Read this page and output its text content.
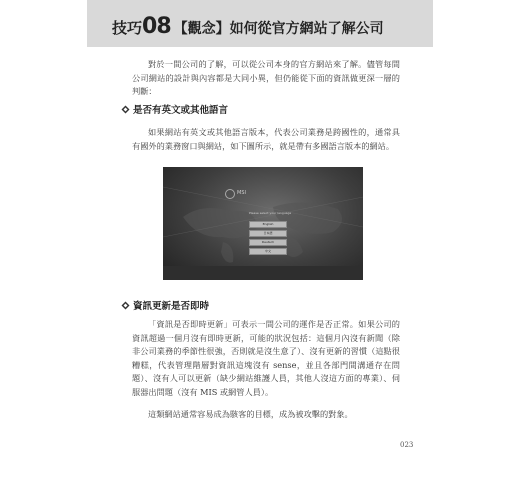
技巧 08 【觀念】如何從官方網站了解公司

對於一間公司的了解，可以從公司本身的官方網站來了解。儘管每間公司網站的設計與內容都是大同小異，但仍能從下面的資訊做更深一層的判斷：

是否有英文或其他語言

如果網站有英文或其他語言版本，代表公司業務是跨國性的，通常具有國外的業務窗口與網站，如下圖所示，就是帶有多國語言版本的網站。

MSI
Please select your language
English
日本語
Deutsch
中文
資訊更新是否即時

「資訊是否即時更新」可表示一間公司的運作是否正常。如果公司的資訊超過一個月沒有即時更新，可能的狀況包括：這個月內沒有新聞（除非公司業務的季節性很強，否則就是沒生意了）、沒有更新的習慣（這點很糟糕，代表管理階層對資訊這塊沒有 sense，並且各部門間溝通存在問題）、沒有人可以更新（缺少網站維護人員，其他人沒這方面的專業）、伺服器出問題（沒有 MIS 或網管人員）。

這類網站通常容易成為駭客的目標，成為被攻擊的對象。

023
